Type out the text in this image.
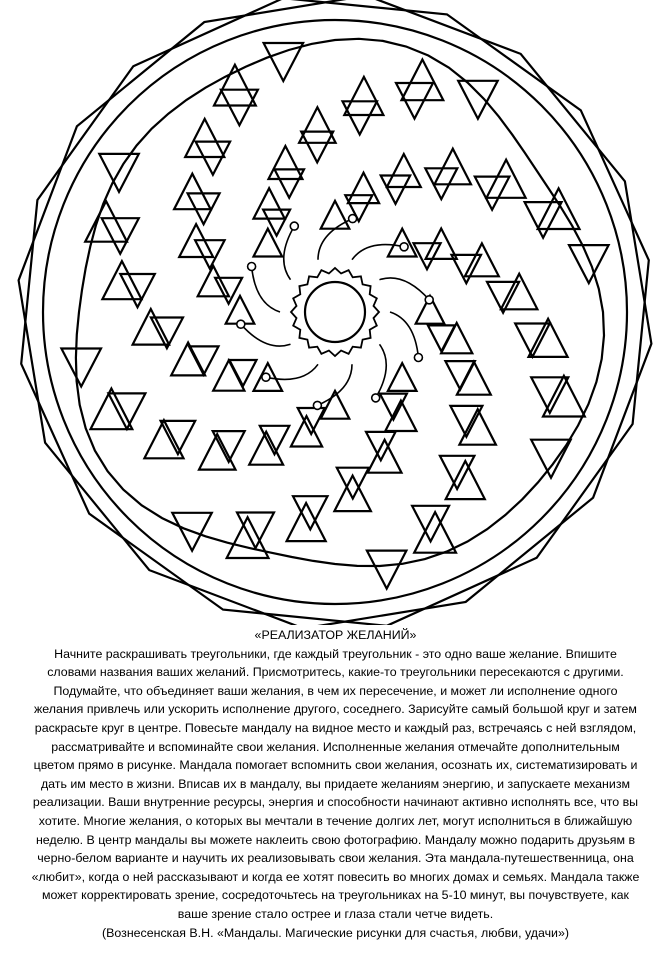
«РЕАЛИЗАТОР ЖЕЛАНИЙ»
Начните раскрашивать треугольники, где каждый треугольник - это одно ваше желание. Впишите
словами названия ваших желаний. Присмотритесь, какие-то треугольники пересекаются с другими.
Подумайте, что объединяет ваши желания, в чем их пересечение, и может ли исполнение одного
желания привлечь или ускорить исполнение другого, соседнего. Зарисуйте самый большой круг и затем
раскрасьте круг в центре. Повесьте мандалу на видное место и каждый раз, встречаясь с ней взглядом,
рассматривайте и вспоминайте свои желания. Исполненные желания отмечайте дополнительным
цветом прямо в рисунке. Мандала помогает вспомнить свои желания, осознать их, систематизировать и
дать им место в жизни. Вписав их в мандалу, вы придаете желаниям энергию, и запускаете механизм
реализации. Ваши внутренние ресурсы, энергия и способности начинают активно исполнять все, что вы
хотите. Многие желания, о которых вы мечтали в течение долгих лет, могут исполниться в ближайшую
неделю. В центр мандалы вы можете наклеить свою фотографию. Мандалу можно подарить друзьям в
черно-белом варианте и научить их реализовывать свои желания. Эта мандала-путешественница, она
«любит», когда о ней рассказывают и когда ее хотят повесить во многих домах и семьях. Мандала также
может корректировать зрение, сосредоточьтесь на треугольниках на 5-10 минут, вы почувствуете, как
ваше зрение стало острее и глаза стали четче видеть.
(Вознесенская В.Н. «Мандалы. Магические рисунки для счастья, любви, удачи»)
